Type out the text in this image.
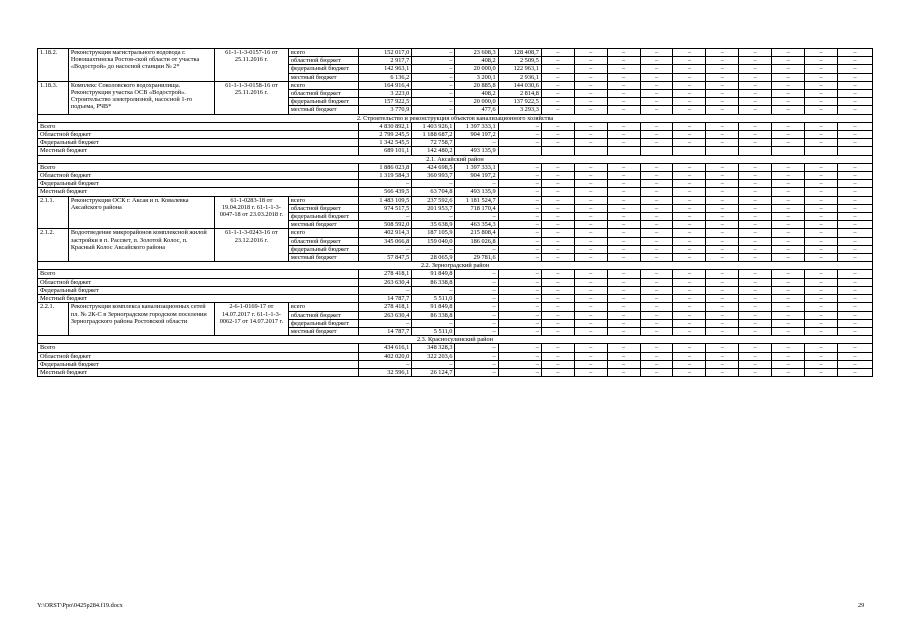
1.18.2.	Реконструкция магистрального водовода г. Новошахтинска Ростов-ской области от участка «Водострой» до насосной станции № 2*	61-1-1-3-0157-16 от 25.11.2016 г.	всего	152 017,0	–	23 608,3	128 408,7	–	–	–	–	–	–	–	–	–	–
			областной бюджет	2 917,7	–	408,2	2 509,5	–	–	–	–	–	–	–	–	–	–
			федеральный бюджет	142 963,1	–	20 000,0	122 963,1	–	–	–	–	–	–	–	–	–	–
			местный бюджет	6 136,2	–	3 200,1	2 936,1	–	–	–	–	–	–	–	–	–	–
1.18.3.	Комплекс Соколовского водохранилища. Реконструкция участка ОСВ «Водострой». Строительство электролизной, насосной 1-го подъема, РЧВ*	61-1-1-3-0158-16 от 25.11.2016 г.	всего	164 916,4	–	20 885,8	144 030,6	–	–	–	–	–	–	–	–	–	–
			областной бюджет	3 223,0	–	408,2	2 814,8	–	–	–	–	–	–	–	–	–	–
			федеральный бюджет	157 922,5	–	20 000,0	137 922,5	–	–	–	–	–	–	–	–	–	–
			местный бюджет	3 770,9	–	477,6	3 293,3	–	–	–	–	–	–	–	–	–	–
2. Строительство и реконструкция объектов канализационного хозяйства																	
Всего				4 830 892,1	1 403 926,1	1 397 333,1	–	–	–	–	–	–	–	–	–	–	–
Областной бюджет				2 799 245,5	1 188 687,2	904 197,2	–	–	–	–	–	–	–	–	–	–	–
Федеральный бюджет				1 342 545,5	72 758,7	–	–	–	–	–	–	–	–	–	–	–	–
Местный бюджет				689 101,1	142 480,2	493 135,9											
2.1. Аксайский район																	
Всего				1 886 023,8	424 698,5	1 397 333,1	–	–	–	–	–	–	–	–	–	–	–
Областной бюджет				1 319 584,3	360 993,7	904 197,2	–	–	–	–	–	–	–	–	–	–	–
Федеральный бюджет				–	–	–	–	–	–	–	–	–	–	–	–	–	–
Местный бюджет				566 439,5	63 704,8	493 135,9	–	–	–	–	–	–	–	–	–	–	–
2.1.1.	Реконструкция ОСК г. Аксая и п. Ковалевка Аксайского района	61-1-0283-18 от 19.04.2018 г. 61-1-1-3-0047-18 от 23.03.2018 г.	всего	1 483 109,5	237 592,6	1 181 524,7	–	–	–	–	–	–	–	–	–	–	–
			областной бюджет	974 517,5	201 953,7	718 170,4	–	–	–	–	–	–	–	–	–	–	–
			федеральный бюджет	–	–	–	–	–	–	–	–	–	–	–	–	–	–
			местный бюджет	508 592,0	35 638,9	463 354,3	–	–	–	–	–	–	–	–	–	–	–
2.1.2.	Водоотведение микрорайонов комплексной жилой застройки в п. Рассвет, п. Золотой Колос, п. Красный Колос Аксайского района	61-1-1-3-0243-16 от 23.12.2016 г.	всего	402 914,3	187 105,9	215 808,4	–	–	–	–	–	–	–	–	–	–	–
			областной бюджет	345 066,8	159 040,0	186 026,8	–	–	–	–	–	–	–	–	–	–	–
			федеральный бюджет	–	–	–	–	–	–	–	–	–	–	–	–	–	–
			местный бюджет	57 847,5	28 065,9	29 781,6	–	–	–	–	–	–	–	–	–	–	–
2.2. Зерноградский район																	
Всего				278 418,1	91 849,8	–	–	–	–	–	–	–	–	–	–	–	–
Областной бюджет				263 630,4	86 338,8	–	–	–	–	–	–	–	–	–	–	–	–
Федеральный бюджет				–	–	–	–	–	–	–	–	–	–	–	–	–	–
Местный бюджет				14 787,7	5 511,0	–	–	–	–	–	–	–	–	–	–	–	–
2.2.1.	Реконструкция комплекса канализационных сетей пл. № 2К-С в Зерноградском городском поселении Зерноградского района Ростовской области	2-6-1-0169-17 от 14.07.2017 г. 61-1-1-3-0062-17 от 14.07.2017 г.	всего	278 418,1	91 849,8	–	–	–	–	–	–	–	–	–	–	–	–
			областной бюджет	263 630,4	86 338,8	–	–	–	–	–	–	–	–	–	–	–	–
			федеральный бюджет	–	–	–	–	–	–	–	–	–	–	–	–	–	–
			местный бюджет	14 787,7	5 511,0	–	–	–	–	–	–	–	–	–	–	–	–
2.3. Красносулинский район																	
Всего				434 616,1	348 328,3	–	–	–	–	–	–	–	–	–	–	–	–
Областной бюджет				402 020,0	322 203,6	–	–	–	–	–	–	–	–	–	–	–	–
Федеральный бюджет				–	–	–	–	–	–	–	–	–	–	–	–	–	–
Местный бюджет				32 596,1	26 124,7	–	–	–	–	–	–	–	–	–	–	–	–
Y:\ORST\Ppo\0425p284.f19.docx	29
